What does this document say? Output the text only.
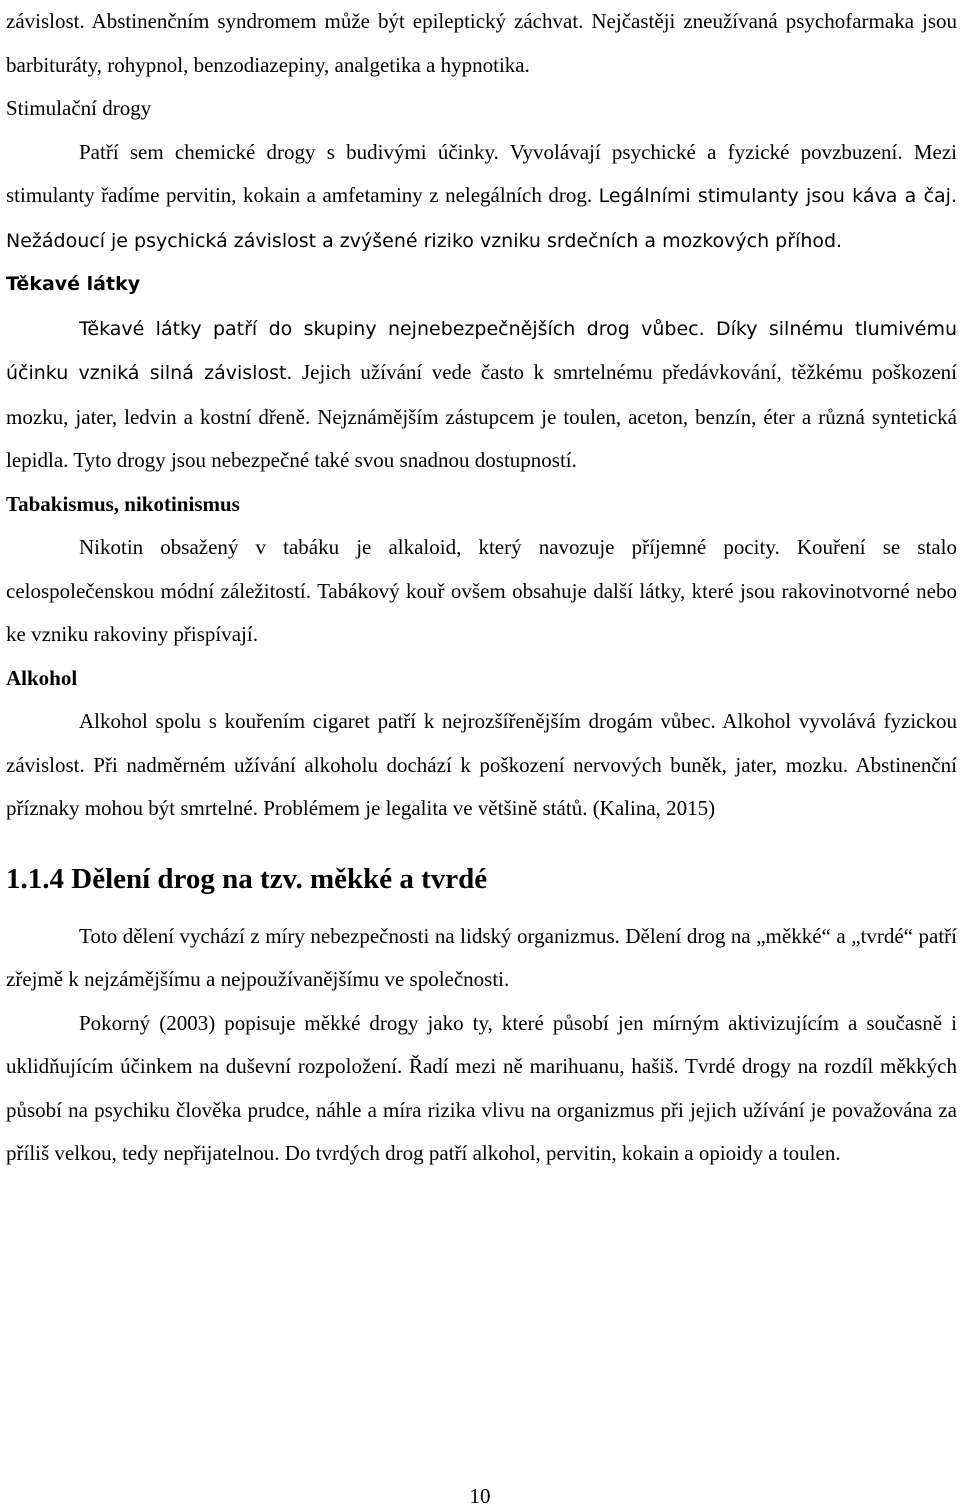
závislost. Abstinenčním syndromem může být epileptický záchvat. Nejčastěji zneužívaná psychofarmaka jsou barbituráty, rohypnol, benzodiazepiny, analgetika a hypnotika.

Stimulační drogy

Patří sem chemické drogy s budivými účinky. Vyvolávají psychické a fyzické povzbuzení. Mezi stimulanty řadíme pervitin, kokain a amfetaminy z nelegálních drog. Legálními stimulanty jsou káva a čaj. Nežádoucí je psychická závislost a zvýšené riziko vzniku srdečních a mozkových příhod.

Těkavé látky

Těkavé látky patří do skupiny nejnebezpečnějších drog vůbec. Díky silnému tlumivému účinku vzniká silná závislost. Jejich užívání vede často k smrtelnému předávkování, těžkému poškození mozku, jater, ledvin a kostní dřeně. Nejznámějším zástupcem je toulen, aceton, benzín, éter a různá syntetická lepidla. Tyto drogy jsou nebezpečné také svou snadnou dostupností.

Tabakismus, nikotinismus

Nikotin obsažený v tabáku je alkaloid, který navozuje příjemné pocity. Kouření se stalo celospolečenskou módní záležitostí. Tabákový kouř ovšem obsahuje další látky, které jsou rakovinotvorné nebo ke vzniku rakoviny přispívají.

Alkohol

Alkohol spolu s kouřením cigaret patří k nejrozšířenějším drogám vůbec. Alkohol vyvolává fyzickou závislost. Při nadměrném užívání alkoholu dochází k poškození nervových buněk, jater, mozku. Abstinenční příznaky mohou být smrtelné. Problémem je legalita ve většině států. (Kalina, 2015)

1.1.4 Dělení drog na tzv. měkké a tvrdé

Toto dělení vychází z míry nebezpečnosti na lidský organizmus. Dělení drog na „měkké“ a „tvrdé“ patří zřejmě k nejzámějšímu a nejpoužívanějšímu ve společnosti.

Pokorný (2003) popisuje měkké drogy jako ty, které působí jen mírným aktivizujícím a současně i uklidňujícím účinkem na duševní rozpoložení. Řadí mezi ně marihuanu, hašiš. Tvrdé drogy na rozdíl měkkých působí na psychiku člověka prudce, náhle a míra rizika vlivu na organizmus při jejich užívání je považována za příliš velkou, tedy nepřijatelnou. Do tvrdých drog patří alkohol, pervitin, kokain a opioidy a toulen.

10
